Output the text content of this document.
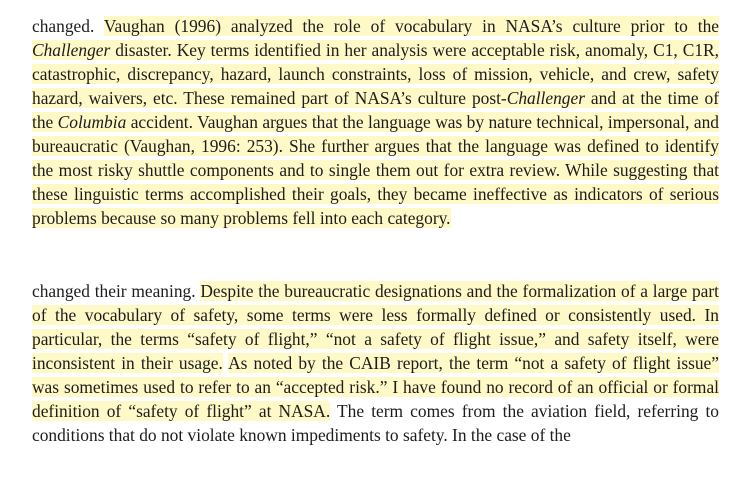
changed. Vaughan (1996) analyzed the role of vocabulary in NASA’s culture prior to the Challenger disaster. Key terms identified in her analysis were acceptable risk, anomaly, C1, C1R, catastrophic, discrepancy, hazard, launch constraints, loss of mission, vehicle, and crew, safety hazard, waivers, etc. These remained part of NASA’s culture post-Challenger and at the time of the Columbia accident. Vaughan argues that the language was by nature technical, impersonal, and bureaucratic (Vaughan, 1996: 253). She further argues that the language was defined to identify the most risky shuttle components and to single them out for extra review. While suggesting that these linguistic terms accomplished their goals, they became ineffective as indicators of serious problems because so many problems fell into each category.

changed their meaning. Despite the bureaucratic designations and the formalization of a large part of the vocabulary of safety, some terms were less formally defined or consistently used. In particular, the terms “safety of flight,” “not a safety of flight issue,” and safety itself, were inconsistent in their usage. As noted by the CAIB report, the term “not a safety of flight issue” was sometimes used to refer to an “accepted risk.” I have found no record of an official or formal definition of “safety of flight” at NASA. The term comes from the aviation field, referring to conditions that do not violate known impediments to safety. In the case of the
